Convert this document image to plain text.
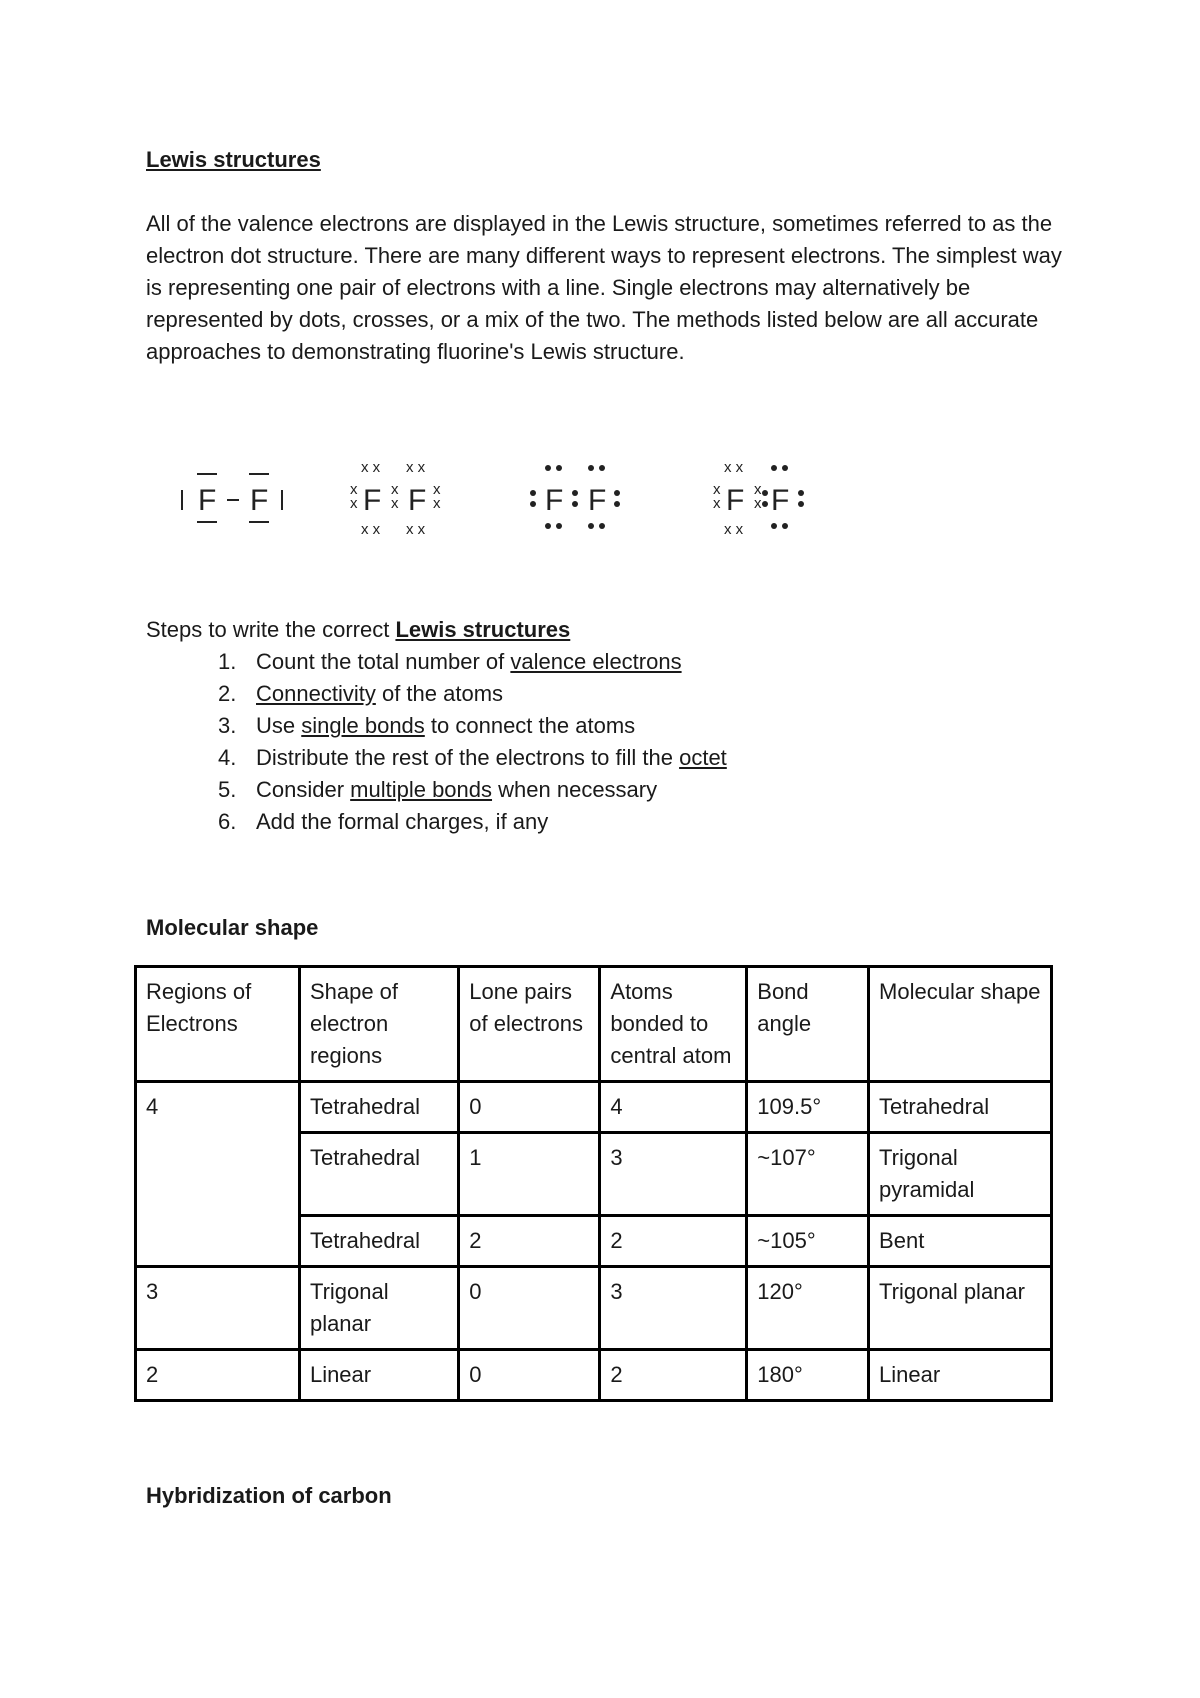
Lewis structures

All of the valence electrons are displayed in the Lewis structure, sometimes referred to as the electron dot structure. There are many different ways to represent electrons. The simplest way is representing one pair of electrons with a line. Single electrons may alternatively be represented by dots, crosses, or a mix of the two. The methods listed below are all accurate approaches to demonstrating fluorine's Lewis structure.

F F	F F
x x x x
x x x x
x
x
x
x
x
x	F F	F F
x x
x x
x
x
x
x
Steps to write the correct Lewis structures
1. Count the total number of valence electrons
2. Connectivity of the atoms
3. Use single bonds to connect the atoms
4. Distribute the rest of the electrons to fill the octet
5. Consider multiple bonds when necessary
6. Add the formal charges, if any
Molecular shape
Regions of Electrons	Shape of electron regions	Lone pairs of electrons	Atoms bonded to central atom	Bond angle	Molecular shape
4	Tetrahedral	0	4	109.5°	Tetrahedral
	Tetrahedral	1	3	~107°	Trigonal pyramidal
	Tetrahedral	2	2	~105°	Bent
3	Trigonal planar	0	3	120°	Trigonal planar
2	Linear	0	2	180°	Linear
Hybridization of carbon
